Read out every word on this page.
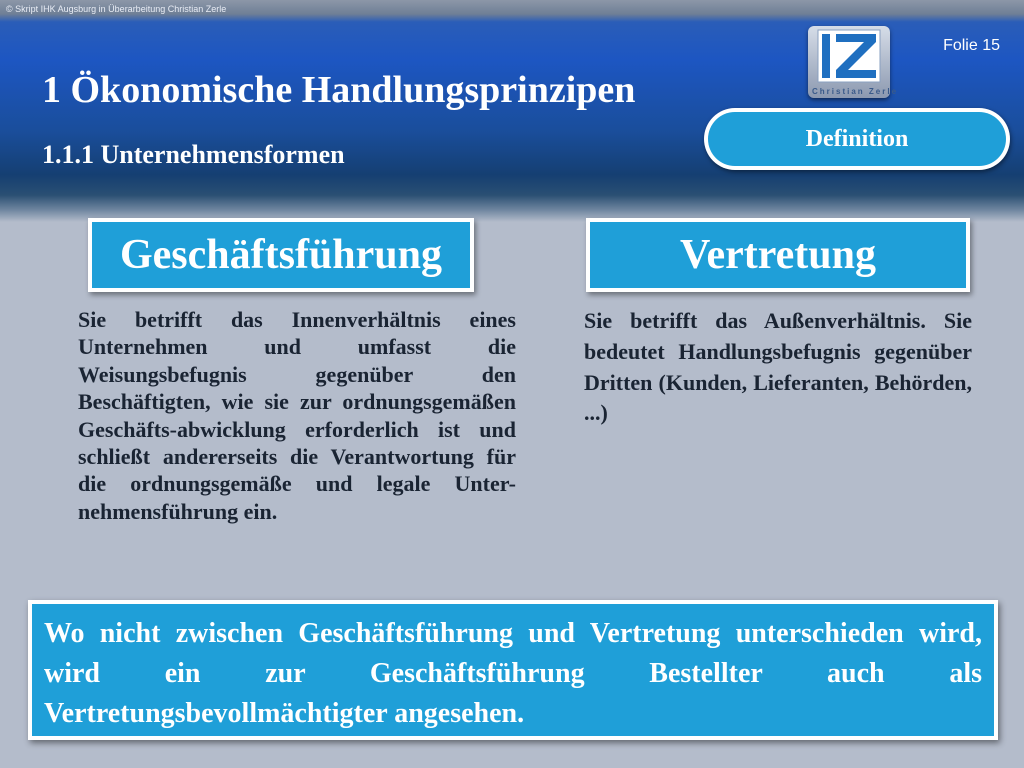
© Skript IHK Augsburg in Überarbeitung Christian Zerle
Folie 15
Christian Zerle
1 Ökonomische Handlungsprinzipen
1.1.1 Unternehmensformen
Definition
Geschäftsführung	Vertretung

Sie betrifft das Innenverhältnis eines Unternehmen und umfasst die Weisungsbefugnis gegenüber den Beschäftigten, wie sie zur ordnungsgemäßen Geschäfts-abwicklung erforderlich ist und schließt andererseits die Verantwortung für die ordnungsgemäße und legale Unter-nehmensführung ein.

Sie betrifft das Außenverhältnis. Sie bedeutet Handlungsbefugnis gegenüber Dritten (Kunden, Lieferanten, Behörden, ...)

Wo nicht zwischen Geschäftsführung und Vertretung unterschieden wird, wird ein zur Geschäftsführung Bestellter auch als Vertretungsbevollmächtigter angesehen.
